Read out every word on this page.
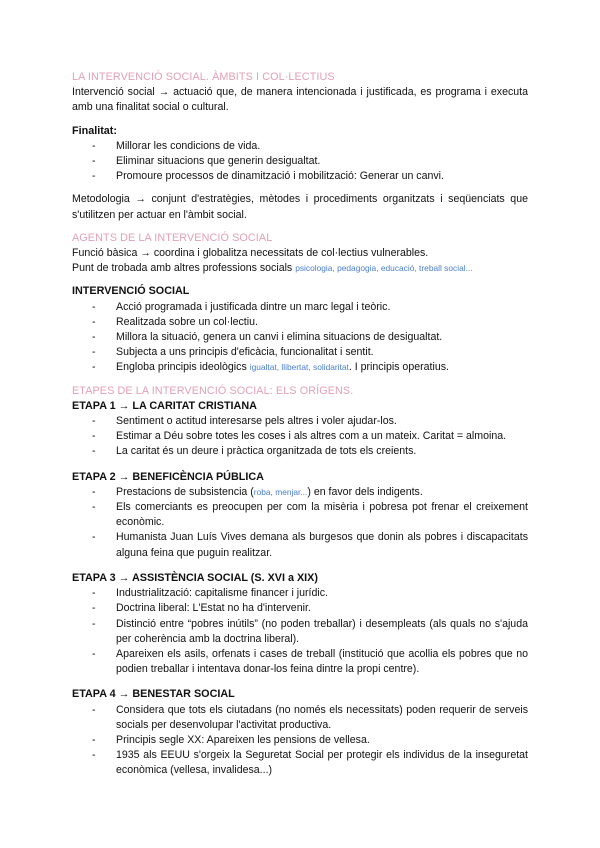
LA INTERVENCIÓ SOCIAL. ÀMBITS I COL·LECTIUS

Intervenció social → actuació que, de manera intencionada i justificada, es programa i executa amb una finalitat social o cultural.

Finalitat:

- Millorar les condicions de vida.
- Eliminar situacions que generin desigualtat.
- Promoure processos de dinamització i mobilització: Generar un canvi.

Metodologia → conjunt d'estratègies, mètodes i procediments organitzats i seqüenciats que s'utilitzen per actuar en l'àmbit social.

AGENTS DE LA INTERVENCIÓ SOCIAL

Funció bàsica → coordina i globalitza necessitats de col·lectius vulnerables.

Punt de trobada amb altres professions socials psicologia, pedagogia, educació, treball social...

INTERVENCIÓ SOCIAL

- Acció programada i justificada dintre un marc legal i teòric.
- Realitzada sobre un col·lectiu.
- Millora la situació, genera un canvi i elimina situacions de desigualtat.
- Subjecta a uns principis d'eficàcia, funcionalitat i sentit.
- Engloba principis ideològics igualtat, llibertat, solidaritat. I principis operatius.

ETAPES DE LA INTERVENCIÓ SOCIAL: ELS ORÍGENS.

ETAPA 1 → LA CARITAT CRISTIANA

- Sentiment o actitud interesarse pels altres i voler ajudar-los.
- Estimar a Déu sobre totes les coses i als altres com a un mateix. Caritat = almoina.
- La caritat és un deure i pràctica organitzada de tots els creients.

ETAPA 2 → BENEFICÈNCIA PÚBLICA

- Prestacions de subsistencia (roba, menjar...) en favor dels indigents.
- Els comerciants es preocupen per com la misèria i pobresa pot frenar el creixement econòmic.
- Humanista Juan Luís Vives demana als burgesos que donin als pobres i discapacitats alguna feina que puguin realitzar.

ETAPA 3 → ASSISTÈNCIA SOCIAL (S. XVI a XIX)

- Industrialització: capitalisme financer i jurídic.
- Doctrina liberal: L'Estat no ha d'intervenir.
- Distinció entre “pobres inútils” (no poden treballar) i desempleats (als quals no s'ajuda per coherència amb la doctrina liberal).
- Apareixen els asils, orfenats i cases de treball (institució que acollia els pobres que no podien treballar i intentava donar-los feina dintre la propi centre).

ETAPA 4 → BENESTAR SOCIAL

- Considera que tots els ciutadans (no només els necessitats) poden requerir de serveis socials per desenvolupar l'activitat productiva.
- Principis segle XX: Apareixen les pensions de vellesa.
- 1935 als EEUU s'orgeix la Seguretat Social per protegir els individus de la inseguretat econòmica (vellesa, invalidesa...)
